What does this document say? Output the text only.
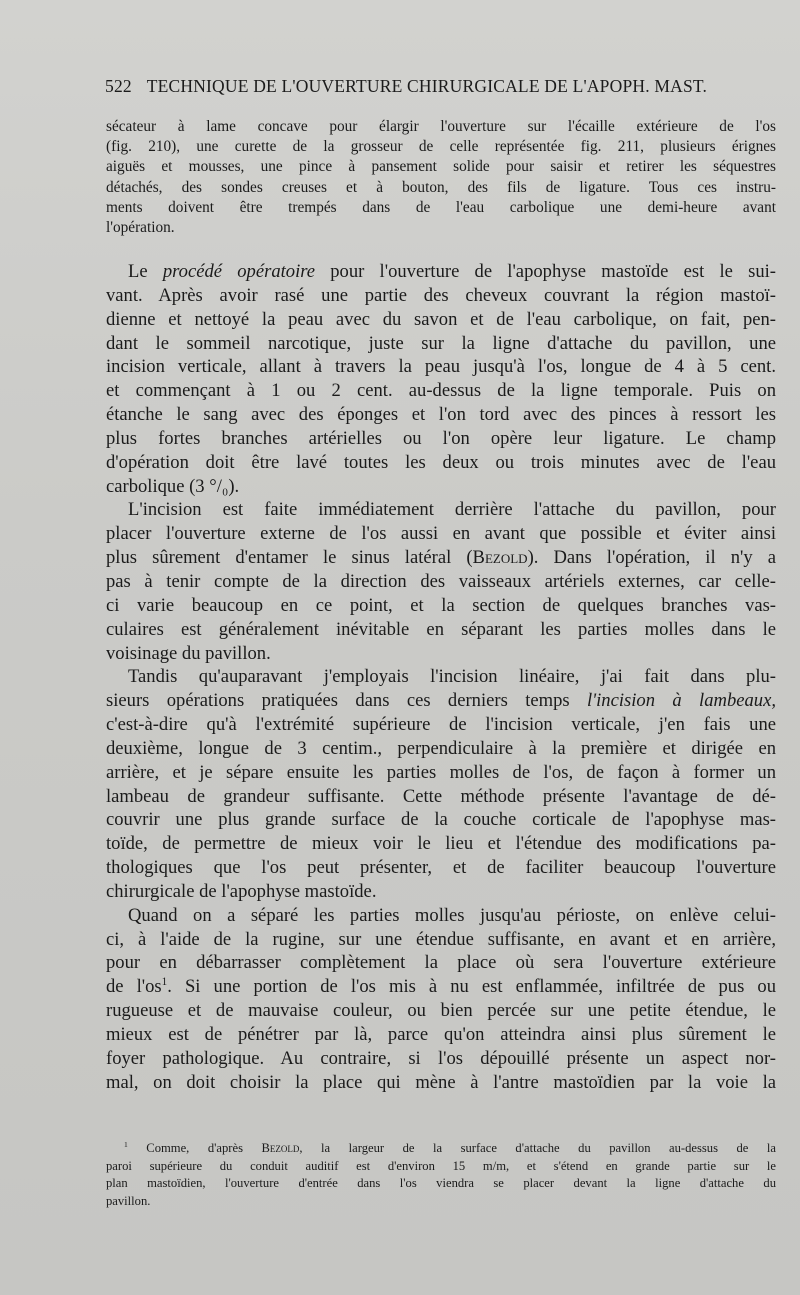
522 TECHNIQUE DE L'OUVERTURE CHIRURGICALE DE L'APOPH. MAST.
sécateur à lame concave pour élargir l'ouverture sur l'écaille extérieure de l'os
(fig. 210), une curette de la grosseur de celle représentée fig. 211, plusieurs érignes
aiguës et mousses, une pince à pansement solide pour saisir et retirer les séquestres
détachés, des sondes creuses et à bouton, des fils de ligature. Tous ces instru-
ments doivent être trempés dans de l'eau carbolique une demi-heure avant
l'opération.
Le procédé opératoire pour l'ouverture de l'apophyse mastoïde est le sui-
vant. Après avoir rasé une partie des cheveux couvrant la région mastoï-
dienne et nettoyé la peau avec du savon et de l'eau carbolique, on fait, pen-
dant le sommeil narcotique, juste sur la ligne d'attache du pavillon, une
incision verticale, allant à travers la peau jusqu'à l'os, longue de 4 à 5 cent.
et commençant à 1 ou 2 cent. au-dessus de la ligne temporale. Puis on
étanche le sang avec des éponges et l'on tord avec des pinces à ressort les
plus fortes branches artérielles ou l'on opère leur ligature. Le champ
d'opération doit être lavé toutes les deux ou trois minutes avec de l'eau
carbolique (3 °/₀).
L'incision est faite immédiatement derrière l'attache du pavillon, pour
placer l'ouverture externe de l'os aussi en avant que possible et éviter ainsi
plus sûrement d'entamer le sinus latéral (Bezold). Dans l'opération, il n'y a
pas à tenir compte de la direction des vaisseaux artériels externes, car celle-
ci varie beaucoup en ce point, et la section de quelques branches vas-
culaires est généralement inévitable en séparant les parties molles dans le
voisinage du pavillon.
Tandis qu'auparavant j'employais l'incision linéaire, j'ai fait dans plu-
sieurs opérations pratiquées dans ces derniers temps l'incision à lambeaux,
c'est-à-dire qu'à l'extrémité supérieure de l'incision verticale, j'en fais une
deuxième, longue de 3 centim., perpendiculaire à la première et dirigée en
arrière, et je sépare ensuite les parties molles de l'os, de façon à former un
lambeau de grandeur suffisante. Cette méthode présente l'avantage de dé-
couvrir une plus grande surface de la couche corticale de l'apophyse mas-
toïde, de permettre de mieux voir le lieu et l'étendue des modifications pa-
thologiques que l'os peut présenter, et de faciliter beaucoup l'ouverture
chirurgicale de l'apophyse mastoïde.
Quand on a séparé les parties molles jusqu'au périoste, on enlève celui-
ci, à l'aide de la rugine, sur une étendue suffisante, en avant et en arrière,
pour en débarrasser complètement la place où sera l'ouverture extérieure
de $l'os^1$. Si une portion de l'os mis à nu est enflammée, infiltrée de pus ou
rugueuse et de mauvaise couleur, ou bien percée sur une petite étendue, le
mieux est de pénétrer par là, parce qu'on atteindra ainsi plus sûrement le
foyer pathologique. Au contraire, si l'os dépouillé présente un aspect nor-
mal, on doit choisir la place qui mène à l'antre mastoïdien par la voie la
$^1$ Comme, d'après Bezold, la largeur de la surface d'attache du pavillon au-dessus de la
paroi supérieure du conduit auditif est d'environ 15 m/m, et s'étend en grande partie sur le
plan mastoïdien, l'ouverture d'entrée dans l'os viendra se placer devant la ligne d'attache du
pavillon.
